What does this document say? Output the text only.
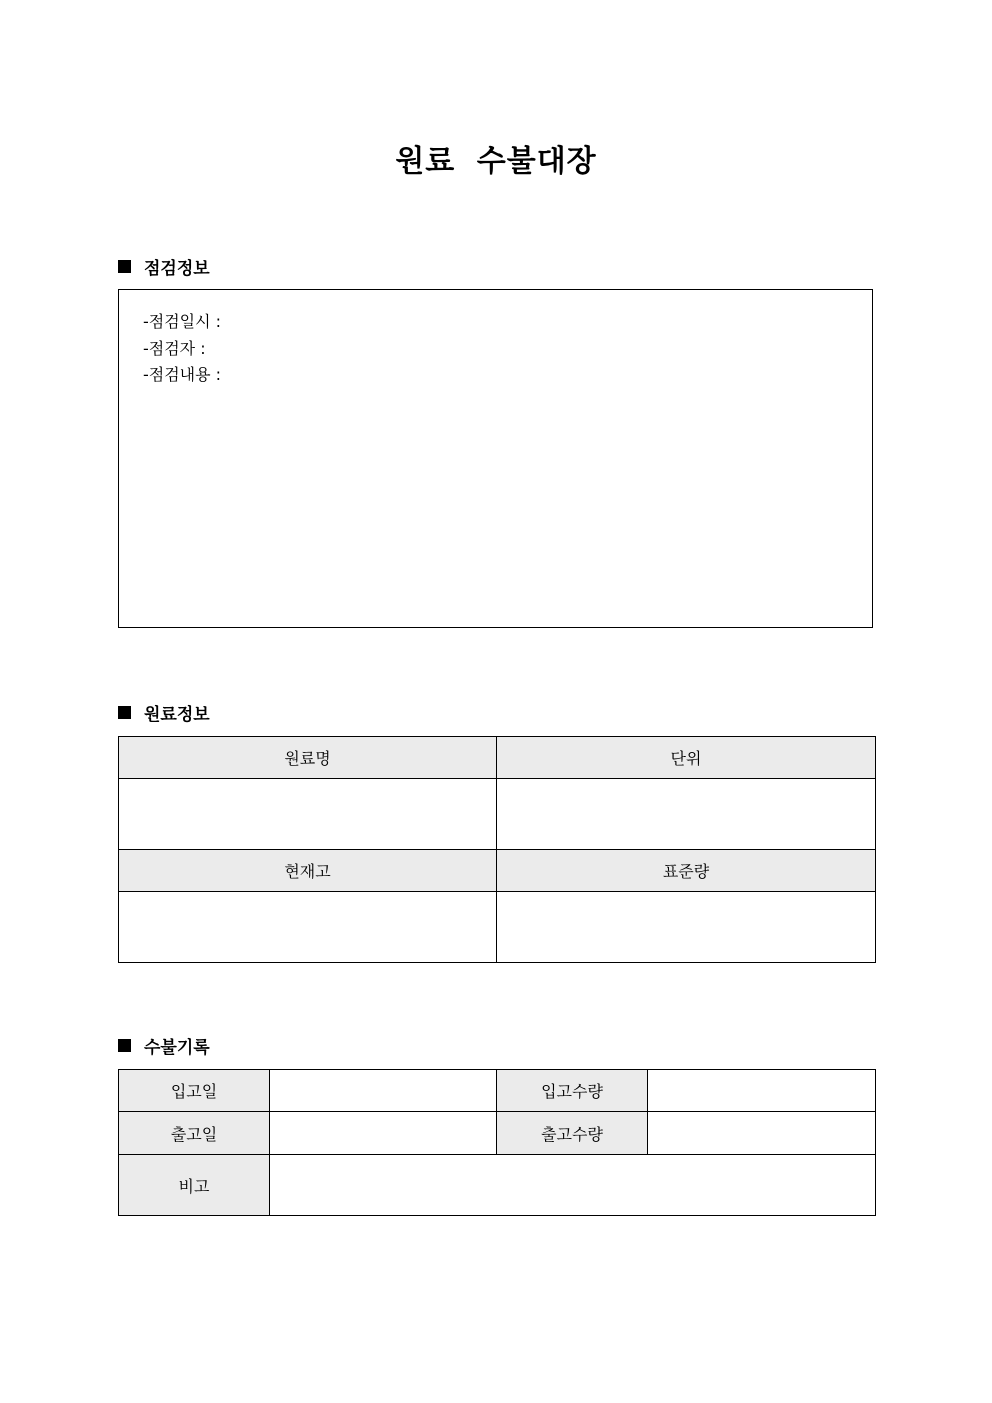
원료 수불대장
점검정보
-점검일시 :
-점검자 :
-점검내용 :
원료정보
원료명	단위

현재고	표준량

수불기록
입고일		입고수량	
출고일		출고수량	
비고			
